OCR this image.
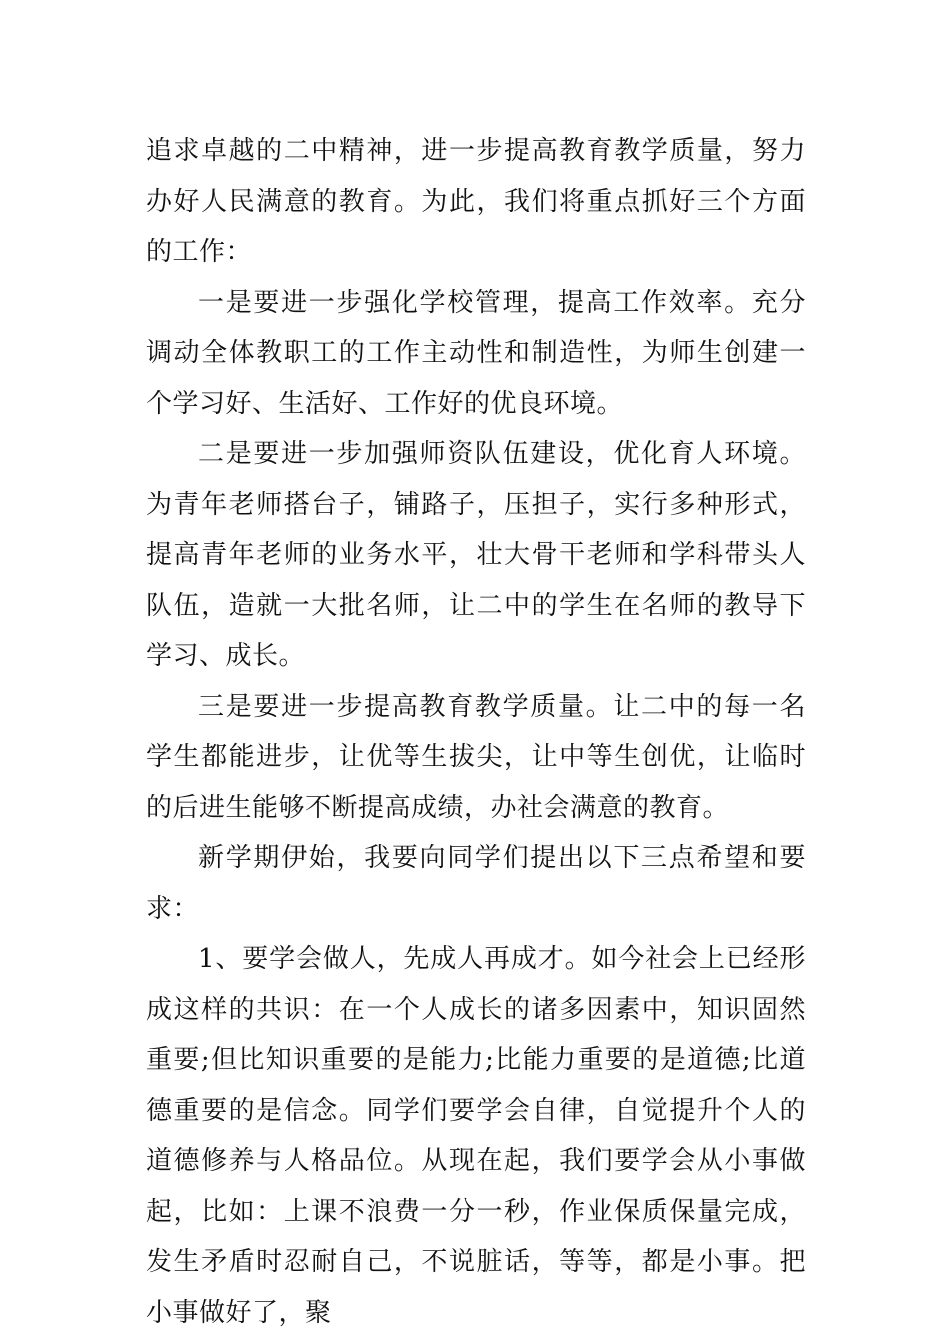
追求卓越的二中精神，进一步提高教育教学质量，努力办好人民满意的教育。为此，我们将重点抓好三个方面的工作：

一是要进一步强化学校管理，提高工作效率。充分调动全体教职工的工作主动性和制造性，为师生创建一个学习好、生活好、工作好的优良环境。

二是要进一步加强师资队伍建设，优化育人环境。为青年老师搭台子，铺路子，压担子，实行多种形式，提高青年老师的业务水平，壮大骨干老师和学科带头人队伍，造就一大批名师，让二中的学生在名师的教导下学习、成长。

三是要进一步提高教育教学质量。让二中的每一名学生都能进步，让优等生拔尖，让中等生创优，让临时的后进生能够不断提高成绩，办社会满意的教育。

新学期伊始，我要向同学们提出以下三点希望和要求：

1、要学会做人，先成人再成才。如今社会上已经形成这样的共识：在一个人成长的诸多因素中，知识固然重要;但比知识重要的是能力;比能力重要的是道德;比道德重要的是信念。同学们要学会自律，自觉提升个人的道德修养与人格品位。从现在起，我们要学会从小事做起，比如：上课不浪费一分一秒，作业保质保量完成，发生矛盾时忍耐自己，不说脏话，等等，都是小事。把小事做好了，聚
